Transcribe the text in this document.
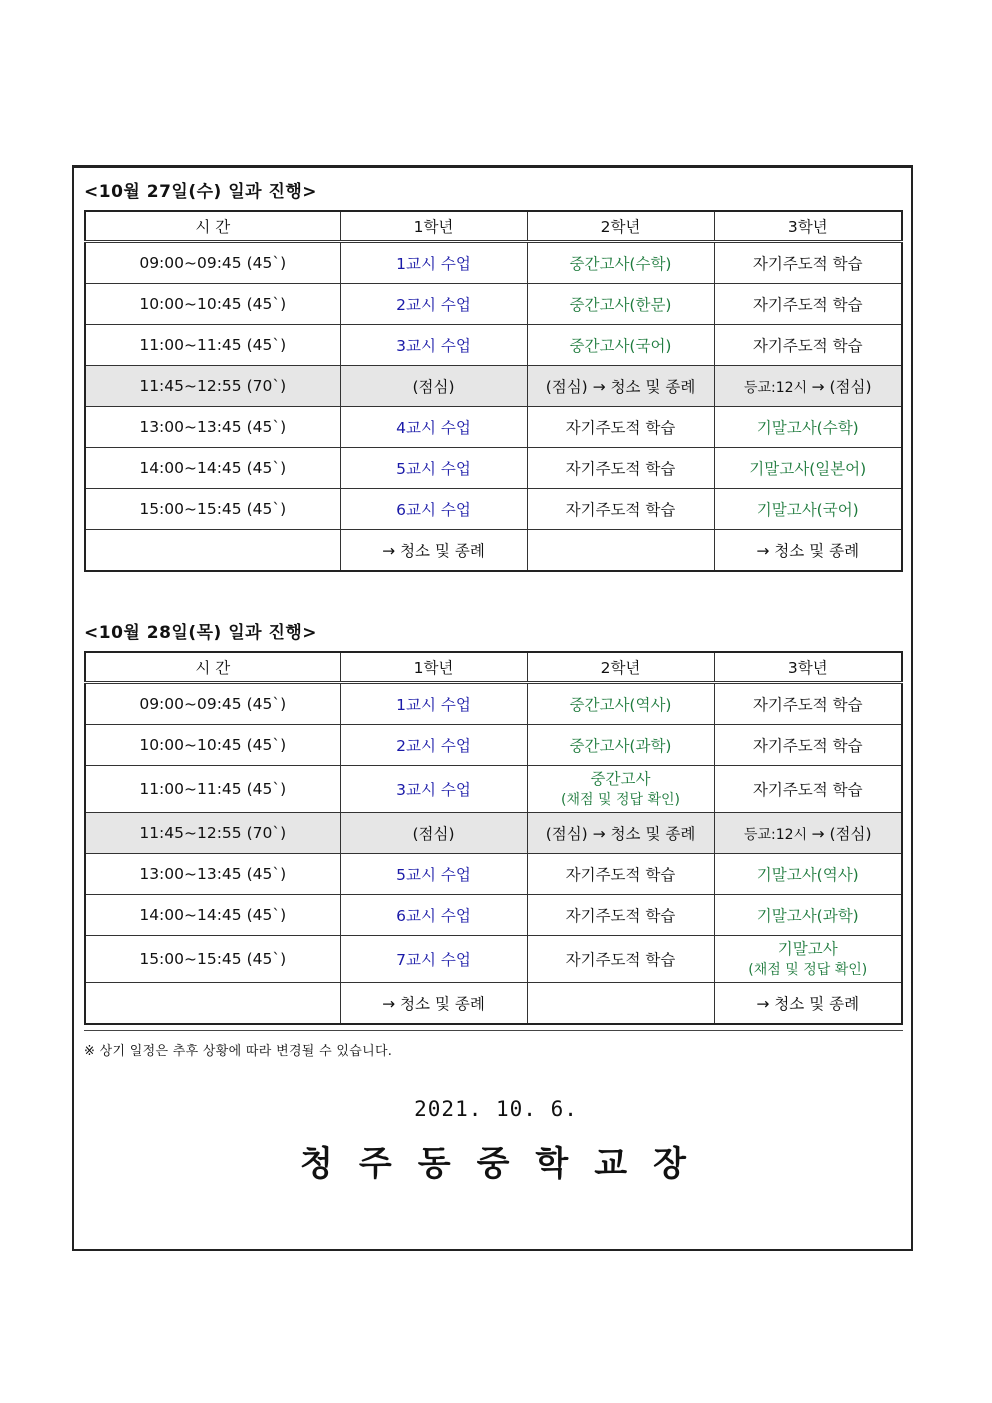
<10월 27일(수) 일과 진행>
시 간	1학년	2학년	3학년
09:00~09:45 (45`)	1교시 수업	중간고사(수학)	자기주도적 학습
10:00~10:45 (45`)	2교시 수업	중간고사(한문)	자기주도적 학습
11:00~11:45 (45`)	3교시 수업	중간고사(국어)	자기주도적 학습
11:45~12:55 (70`)	(점심)	(점심) → 청소 및 종례	등교:12시 → (점심)
13:00~13:45 (45`)	4교시 수업	자기주도적 학습	기말고사(수학)
14:00~14:45 (45`)	5교시 수업	자기주도적 학습	기말고사(일본어)
15:00~15:45 (45`)	6교시 수업	자기주도적 학습	기말고사(국어)
	→ 청소 및 종례		→ 청소 및 종례
<10월 28일(목) 일과 진행>
시 간	1학년	2학년	3학년
09:00~09:45 (45`)	1교시 수업	중간고사(역사)	자기주도적 학습
10:00~10:45 (45`)	2교시 수업	중간고사(과학)	자기주도적 학습
11:00~11:45 (45`)	3교시 수업	중간고사
(채점 및 정답 확인)	자기주도적 학습
11:45~12:55 (70`)	(점심)	(점심) → 청소 및 종례	등교:12시 → (점심)
13:00~13:45 (45`)	5교시 수업	자기주도적 학습	기말고사(역사)
14:00~14:45 (45`)	6교시 수업	자기주도적 학습	기말고사(과학)
15:00~15:45 (45`)	7교시 수업	자기주도적 학습	기말고사
(채점 및 정답 확인)

	→ 청소 및 종례		→ 청소 및 종례
※ 상기 일정은 추후 상황에 따라 변경될 수 있습니다.
2021. 10. 6.
청주동중학교장
